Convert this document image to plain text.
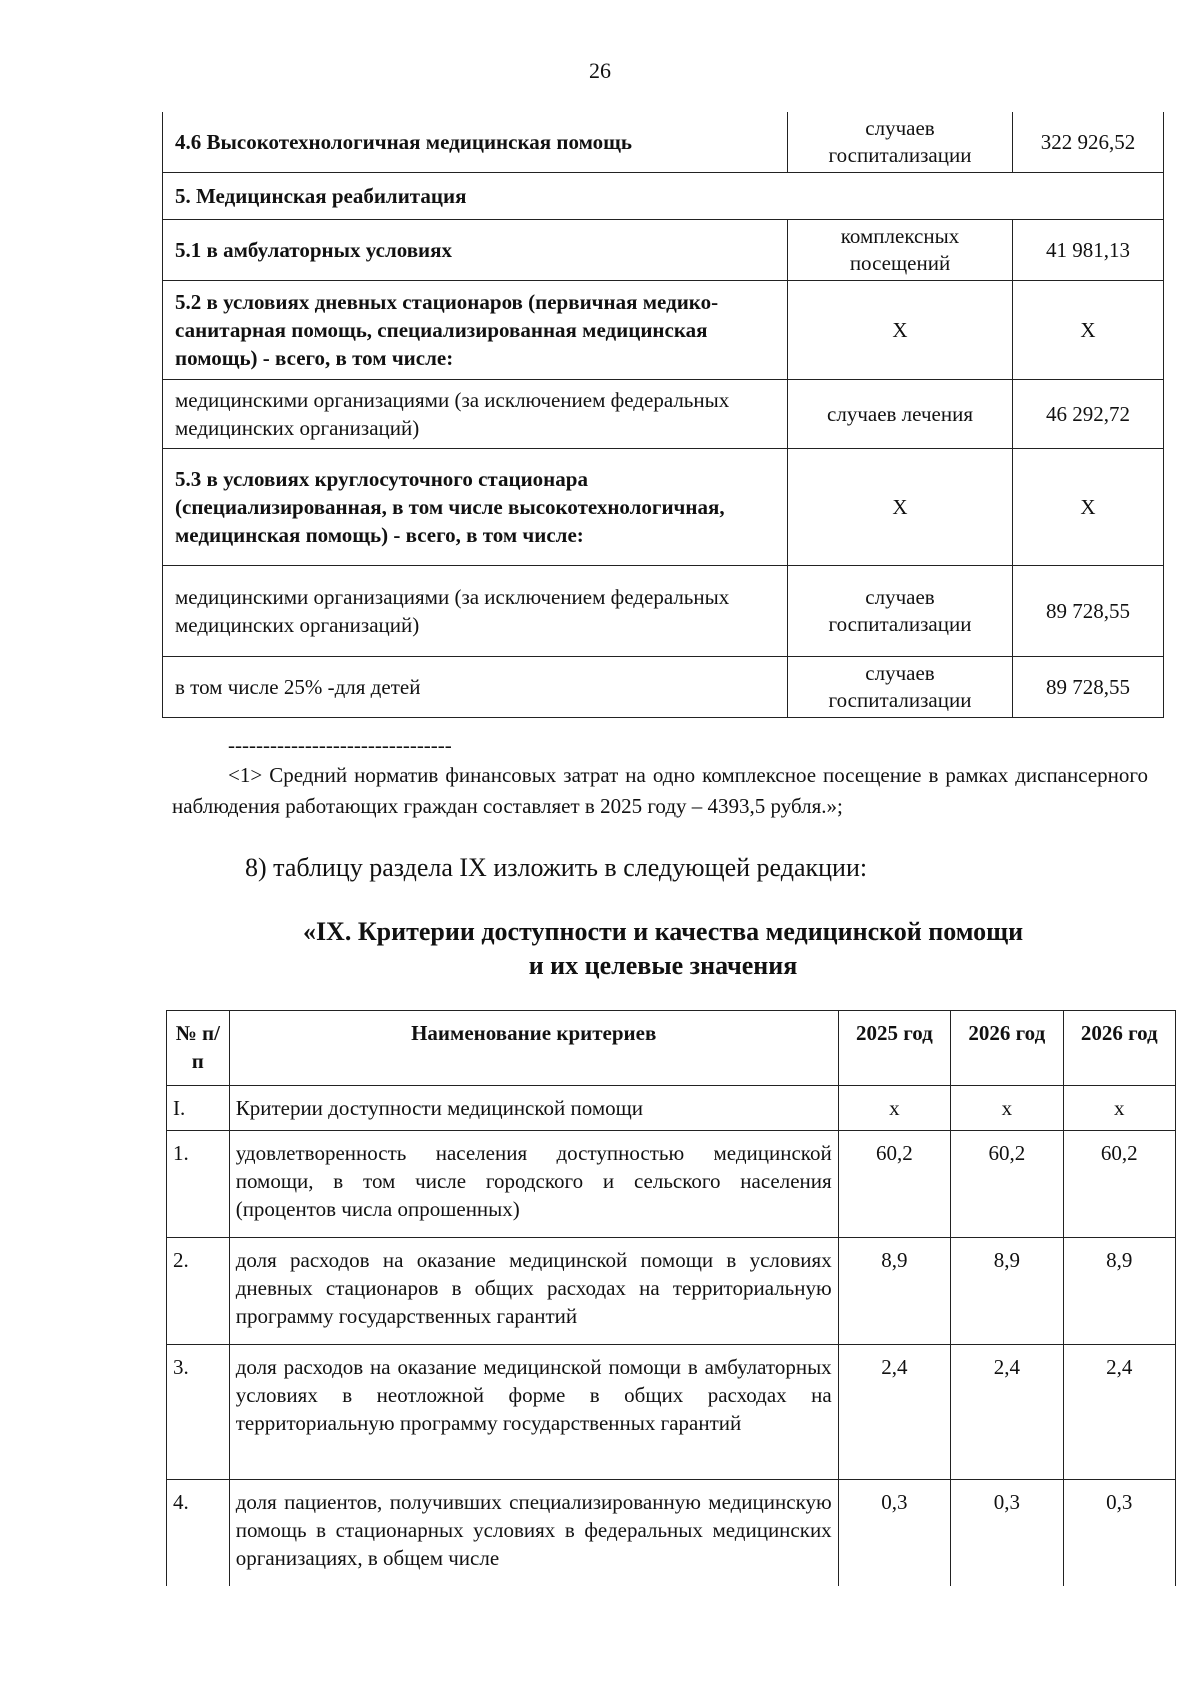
26
4.6 Высокотехнологичная медицинская помощь	случаев госпитализации	322 926,52
5. Медицинская реабилитация		
5.1 в амбулаторных условиях	комплексных посещений	41 981,13
5.2 в условиях дневных стационаров (первичная медико-санитарная помощь, специализированная медицинская помощь) - всего, в том числе:	Х	Х
медицинскими организациями (за исключением федеральных медицинских организаций)	случаев лечения	46 292,72
5.3 в условиях круглосуточного стационара (специализированная, в том числе высокотехнологичная, медицинская помощь) - всего, в том числе:	Х	Х
медицинскими организациями (за исключением федеральных медицинских организаций)	случаев госпитализации	89 728,55
в том числе 25% -для детей	случаев госпитализации	89 728,55
--------------------------------
<1> Средний норматив финансовых затрат на одно комплексное посещение в рамках диспансерного наблюдения работающих граждан составляет в 2025 году – 4393,5 рубля.»;
8) таблицу раздела IX изложить в следующей редакции:
«IX. Критерии доступности и качества медицинской помощи
и их целевые значения
№ п/п	Наименование критериев	2025 год	2026 год	2026 год
I.	Критерии доступности медицинской помощи	х	х	х
1.	удовлетворенность населения доступностью медицинской помощи, в том числе городского и сельского населения (процентов числа опрошенных)	60,2	60,2	60,2
2.	доля расходов на оказание медицинской помощи в условиях дневных стационаров в общих расходах на территориальную программу государственных гарантий	8,9	8,9	8,9
3.	доля расходов на оказание медицинской помощи в амбулаторных условиях в неотложной форме в общих расходах на территориальную программу государственных гарантий	2,4	2,4	2,4
4.	доля пациентов, получивших специализированную медицинскую помощь в стационарных условиях в федеральных медицинских организациях, в общем числе	0,3	0,3	0,3
